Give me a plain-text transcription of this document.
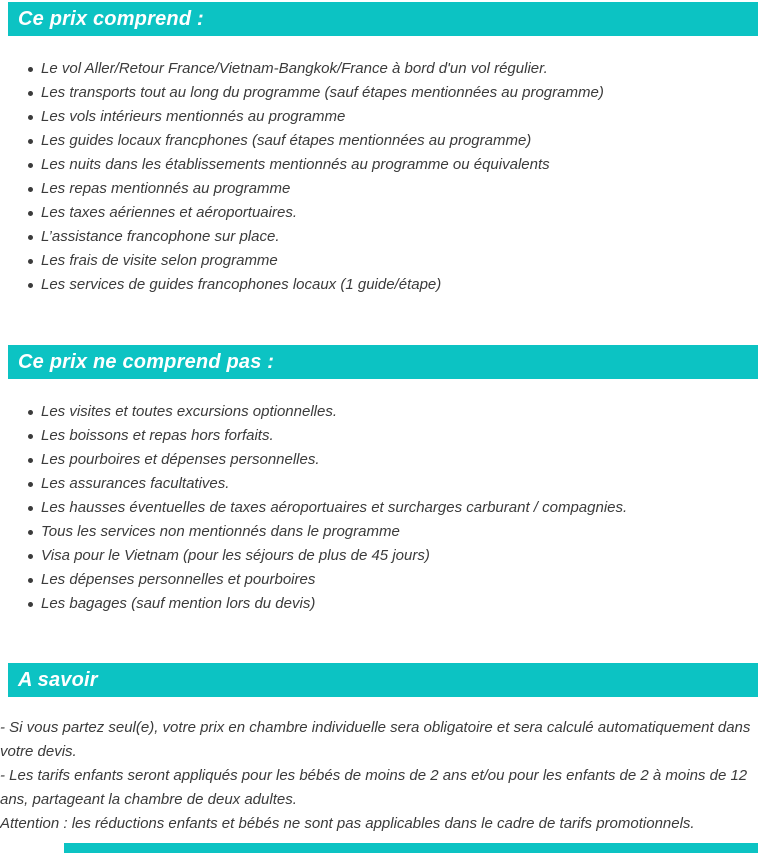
Ce prix comprend :
Le vol Aller/Retour France/Vietnam-Bangkok/France à bord d'un vol régulier.
Les transports tout au long du programme (sauf étapes mentionnées au programme)
Les vols intérieurs mentionnés au programme
Les guides locaux francphones (sauf étapes mentionnées au programme)
Les nuits dans les établissements mentionnés au programme ou équivalents
Les repas mentionnés au programme
Les taxes aériennes et aéroportuaires.
L’assistance francophone sur place.
Les frais de visite selon programme
Les services de guides francophones locaux (1 guide/étape)
Ce prix ne comprend pas :
Les visites et toutes excursions optionnelles.
Les boissons et repas hors forfaits.
Les pourboires et dépenses personnelles.
Les assurances facultatives.
Les hausses éventuelles de taxes aéroportuaires et surcharges carburant / compagnies.
Tous les services non mentionnés dans le programme
Visa pour le Vietnam (pour les séjours de plus de 45 jours)
Les dépenses personnelles et pourboires
Les bagages (sauf mention lors du devis)
A savoir

- Si vous partez seul(e), votre prix en chambre individuelle sera obligatoire et sera calculé automatiquement dans votre devis.

- Les tarifs enfants seront appliqués pour les bébés de moins de 2 ans et/ou pour les enfants de 2 à moins de 12 ans, partageant la chambre de deux adultes.

Attention : les réductions enfants et bébés ne sont pas applicables dans le cadre de tarifs promotionnels.
